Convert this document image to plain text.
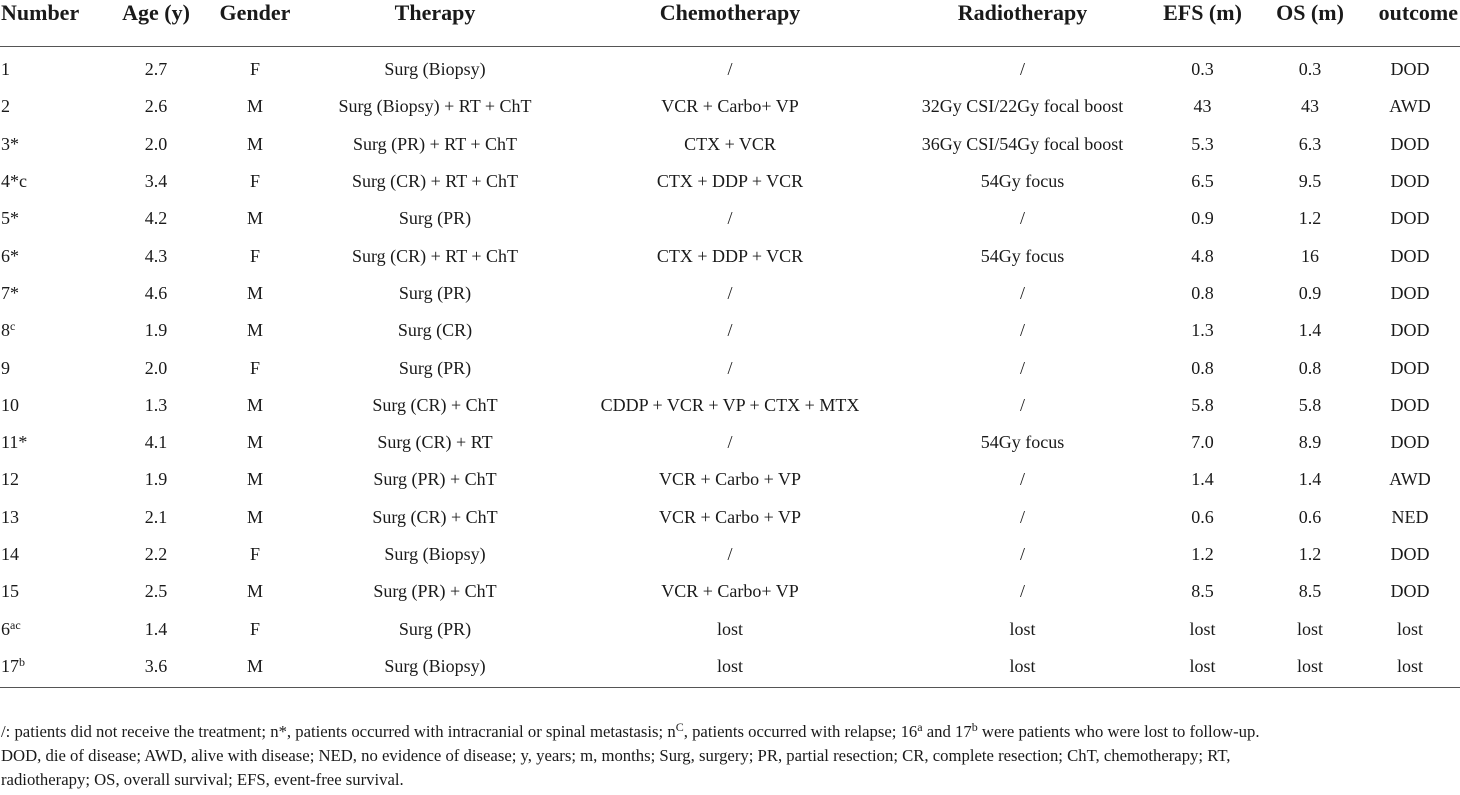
Number	Age (y)	Gender	Therapy	Chemotherapy	Radiotherapy	EFS (m)	OS (m)	outcome
1	2.7	F	Surg (Biopsy)	/	/	0.3	0.3	DOD
2	2.6	M	Surg (Biopsy) + RT + ChT	VCR + Carbo+ VP	32Gy CSI/22Gy focal boost	43	43	AWD
3*	2.0	M	Surg (PR) + RT + ChT	CTX + VCR	36Gy CSI/54Gy focal boost	5.3	6.3	DOD
4*c	3.4	F	Surg (CR) + RT + ChT	CTX + DDP + VCR	54Gy focus	6.5	9.5	DOD
5*	4.2	M	Surg (PR)	/	/	0.9	1.2	DOD
6*	4.3	F	Surg (CR) + RT + ChT	CTX + DDP + VCR	54Gy focus	4.8	16	DOD
7*	4.6	M	Surg (PR)	/	/	0.8	0.9	DOD
8$^c$	1.9	M	Surg (CR)	/	/	1.3	1.4	DOD
9	2.0	F	Surg (PR)	/	/	0.8	0.8	DOD
10	1.3	M	Surg (CR) + ChT	CDDP + VCR + VP + CTX + MTX	/	5.8	5.8	DOD
11*	4.1	M	Surg (CR) + RT	/	54Gy focus	7.0	8.9	DOD
12	1.9	M	Surg (PR) + ChT	VCR + Carbo + VP	/	1.4	1.4	AWD
13	2.1	M	Surg (CR) + ChT	VCR + Carbo + VP	/	0.6	0.6	NED
14	2.2	F	Surg (Biopsy)	/	/	1.2	1.2	DOD
15	2.5	M	Surg (PR) + ChT	VCR + Carbo+ VP	/	8.5	8.5	DOD
$6^{ac}$	1.4	F	Surg (PR)	lost	lost	lost	lost	lost
17$^b$	3.6	M	Surg (Biopsy)	lost	lost	lost	lost	lost
/: patients did not receive the treatment; n*, patients occurred with intracranial or spinal metastasis; $n^C$, patients occurred with relapse; 16$^a$ and 17$^b$ were patients who were lost to follow-up.
DOD, die of disease; AWD, alive with disease; NED, no evidence of disease; y, years; m, months; Surg, surgery; PR, partial resection; CR, complete resection; ChT, chemotherapy; RT,
radiotherapy; OS, overall survival; EFS, event-free survival.
